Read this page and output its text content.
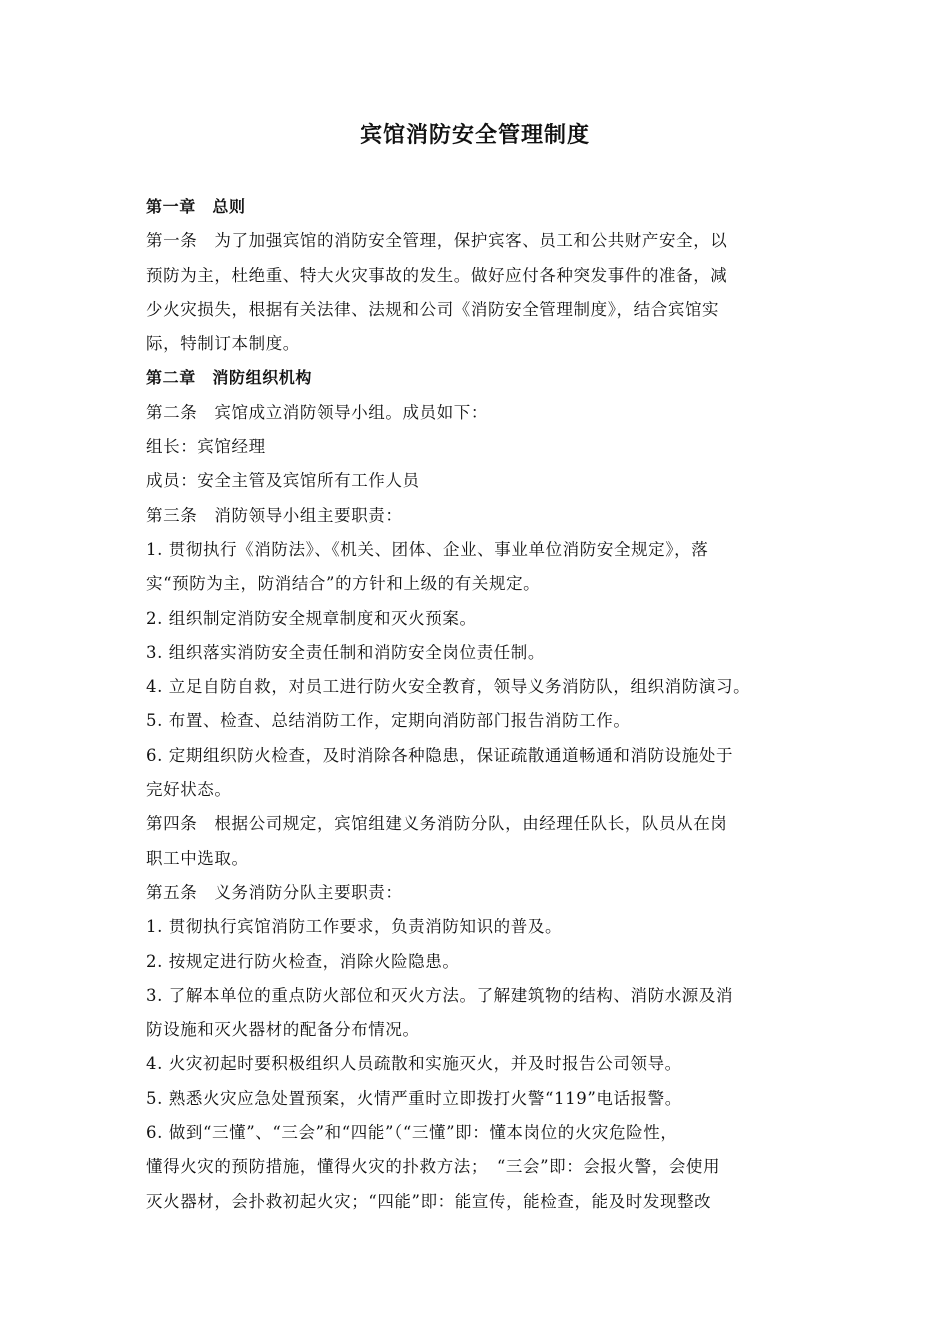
宾馆消防安全管理制度
第一章　总则
第一条　为了加强宾馆的消防安全管理，保护宾客、员工和公共财产安全，以
预防为主，杜绝重、特大火灾事故的发生。做好应付各种突发事件的准备，减
少火灾损失，根据有关法律、法规和公司《消防安全管理制度》，结合宾馆实
际，特制订本制度。
第二章　消防组织机构
第二条　宾馆成立消防领导小组。成员如下：
组长：宾馆经理
成员：安全主管及宾馆所有工作人员
第三条　消防领导小组主要职责：
1. 贯彻执行《消防法》、《机关、团体、企业、事业单位消防安全规定》，落
实“预防为主，防消结合”的方针和上级的有关规定。
2. 组织制定消防安全规章制度和灭火预案。
3. 组织落实消防安全责任制和消防安全岗位责任制。
4. 立足自防自救，对员工进行防火安全教育，领导义务消防队，组织消防演习。
5. 布置、检查、总结消防工作，定期向消防部门报告消防工作。
6. 定期组织防火检查，及时消除各种隐患，保证疏散通道畅通和消防设施处于
完好状态。
第四条　根据公司规定，宾馆组建义务消防分队，由经理任队长，队员从在岗
职工中选取。
第五条　义务消防分队主要职责：
1. 贯彻执行宾馆消防工作要求，负责消防知识的普及。
2. 按规定进行防火检查，消除火险隐患。
3. 了解本单位的重点防火部位和灭火方法。了解建筑物的结构、消防水源及消
防设施和灭火器材的配备分布情况。
4. 火灾初起时要积极组织人员疏散和实施灭火，并及时报告公司领导。
5. 熟悉火灾应急处置预案，火情严重时立即拨打火警“119”电话报警。
6. 做到“三懂”、“三会”和“四能”（“三懂”即：懂本岗位的火灾危险性，
懂得火灾的预防措施，懂得火灾的扑救方法；　“三会”即：会报火警，会使用
灭火器材，会扑救初起火灾；“四能”即：能宣传，能检查，能及时发现整改
